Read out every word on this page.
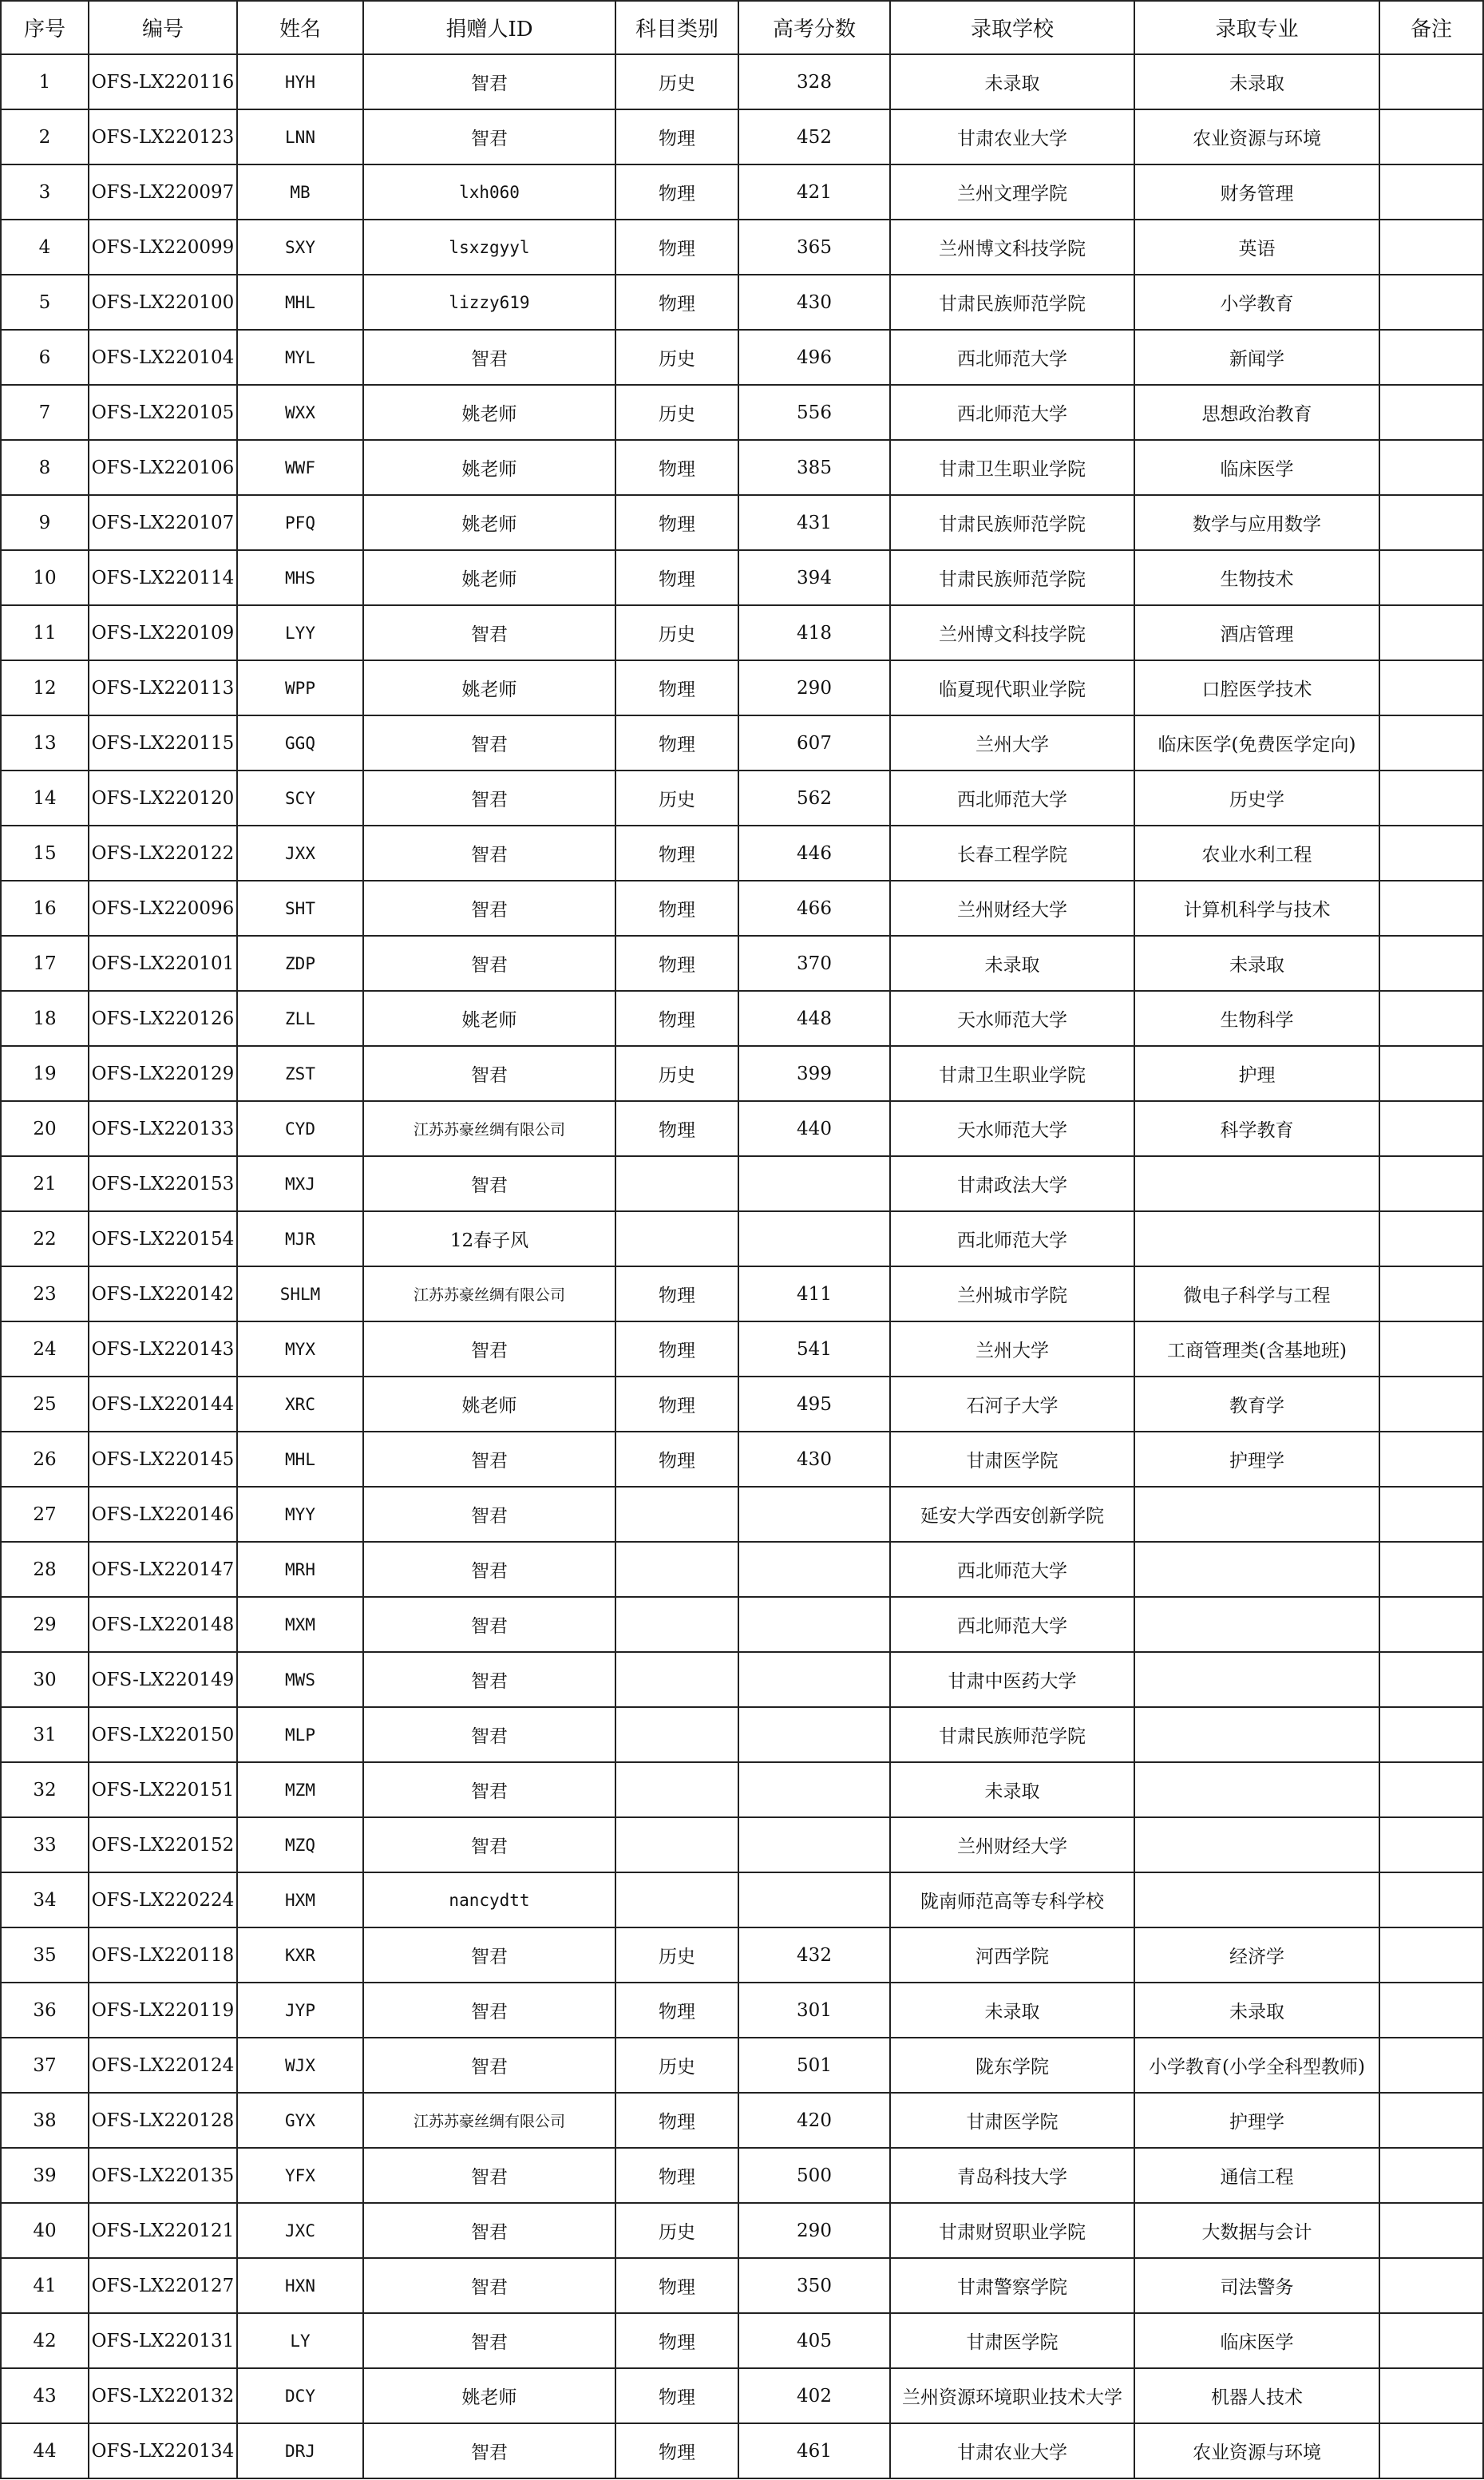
序号	编号	姓名	捐赠人ID	科目类别	高考分数	录取学校	录取专业	备注
1	OFS-LX220116	HYH	智君	历史	328	未录取	未录取	
2	OFS-LX220123	LNN	智君	物理	452	甘肃农业大学	农业资源与环境	
3	OFS-LX220097	MB	lxh060	物理	421	兰州文理学院	财务管理	
4	OFS-LX220099	SXY	lsxzgyyl	物理	365	兰州博文科技学院	英语	
5	OFS-LX220100	MHL	lizzy619	物理	430	甘肃民族师范学院	小学教育	
6	OFS-LX220104	MYL	智君	历史	496	西北师范大学	新闻学	
7	OFS-LX220105	WXX	姚老师	历史	556	西北师范大学	思想政治教育	
8	OFS-LX220106	WWF	姚老师	物理	385	甘肃卫生职业学院	临床医学	
9	OFS-LX220107	PFQ	姚老师	物理	431	甘肃民族师范学院	数学与应用数学	
10	OFS-LX220114	MHS	姚老师	物理	394	甘肃民族师范学院	生物技术	
11	OFS-LX220109	LYY	智君	历史	418	兰州博文科技学院	酒店管理	
12	OFS-LX220113	WPP	姚老师	物理	290	临夏现代职业学院	口腔医学技术	
13	OFS-LX220115	GGQ	智君	物理	607	兰州大学	临床医学(免费医学定向)	
14	OFS-LX220120	SCY	智君	历史	562	西北师范大学	历史学	
15	OFS-LX220122	JXX	智君	物理	446	长春工程学院	农业水利工程	
16	OFS-LX220096	SHT	智君	物理	466	兰州财经大学	计算机科学与技术	
17	OFS-LX220101	ZDP	智君	物理	370	未录取	未录取	
18	OFS-LX220126	ZLL	姚老师	物理	448	天水师范大学	生物科学	
19	OFS-LX220129	ZST	智君	历史	399	甘肃卫生职业学院	护理	
20	OFS-LX220133	CYD	江苏苏豪丝绸有限公司	物理	440	天水师范大学	科学教育	
21	OFS-LX220153	MXJ	智君			甘肃政法大学		
22	OFS-LX220154	MJR	12春子风			西北师范大学		
23	OFS-LX220142	SHLM	江苏苏豪丝绸有限公司	物理	411	兰州城市学院	微电子科学与工程	
24	OFS-LX220143	MYX	智君	物理	541	兰州大学	工商管理类(含基地班)	
25	OFS-LX220144	XRC	姚老师	物理	495	石河子大学	教育学	
26	OFS-LX220145	MHL	智君	物理	430	甘肃医学院	护理学	
27	OFS-LX220146	MYY	智君			延安大学西安创新学院		
28	OFS-LX220147	MRH	智君			西北师范大学		
29	OFS-LX220148	MXM	智君			西北师范大学		
30	OFS-LX220149	MWS	智君			甘肃中医药大学		
31	OFS-LX220150	MLP	智君			甘肃民族师范学院		
32	OFS-LX220151	MZM	智君			未录取		
33	OFS-LX220152	MZQ	智君			兰州财经大学		
34	OFS-LX220224	HXM	nancydtt			陇南师范高等专科学校		
35	OFS-LX220118	KXR	智君	历史	432	河西学院	经济学	
36	OFS-LX220119	JYP	智君	物理	301	未录取	未录取	
37	OFS-LX220124	WJX	智君	历史	501	陇东学院	小学教育(小学全科型教师)	
38	OFS-LX220128	GYX	江苏苏豪丝绸有限公司	物理	420	甘肃医学院	护理学	
39	OFS-LX220135	YFX	智君	物理	500	青岛科技大学	通信工程	
40	OFS-LX220121	JXC	智君	历史	290	甘肃财贸职业学院	大数据与会计	
41	OFS-LX220127	HXN	智君	物理	350	甘肃警察学院	司法警务	
42	OFS-LX220131	LY	智君	物理	405	甘肃医学院	临床医学	
43	OFS-LX220132	DCY	姚老师	物理	402	兰州资源环境职业技术大学	机器人技术	
44	OFS-LX220134	DRJ	智君	物理	461	甘肃农业大学	农业资源与环境	
